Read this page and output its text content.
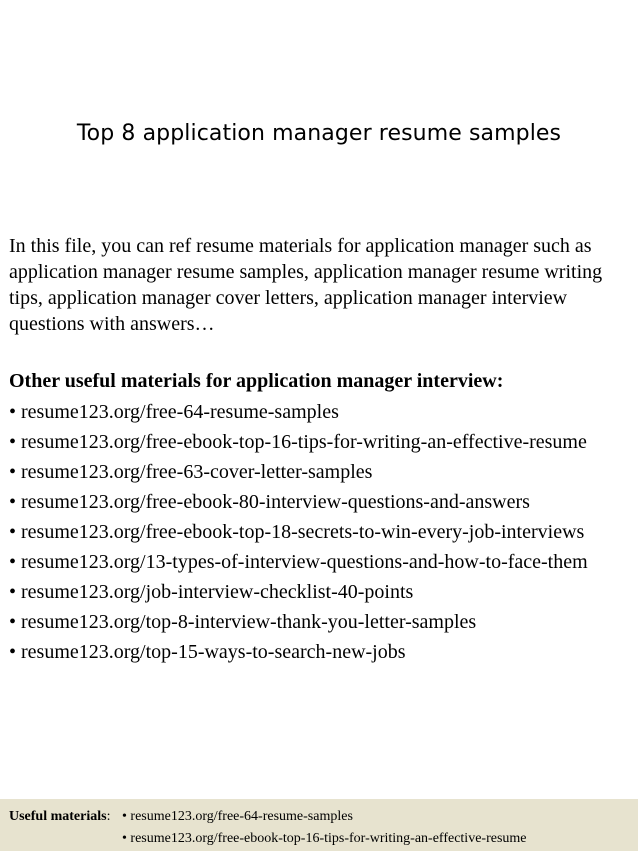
Top 8 application manager resume samples

In this file, you can ref resume materials for application manager such as application manager resume samples, application manager resume writing tips, application manager cover letters, application manager interview questions with answers…

Other useful materials for application manager interview:
• resume123.org/free-64-resume-samples
• resume123.org/free-ebook-top-16-tips-for-writing-an-effective-resume
• resume123.org/free-63-cover-letter-samples
• resume123.org/free-ebook-80-interview-questions-and-answers
• resume123.org/free-ebook-top-18-secrets-to-win-every-job-interviews
• resume123.org/13-types-of-interview-questions-and-how-to-face-them
• resume123.org/job-interview-checklist-40-points
• resume123.org/top-8-interview-thank-you-letter-samples
• resume123.org/top-15-ways-to-search-new-jobs
Useful materials: • resume123.org/free-64-resume-samples
• resume123.org/free-ebook-top-16-tips-for-writing-an-effective-resume
